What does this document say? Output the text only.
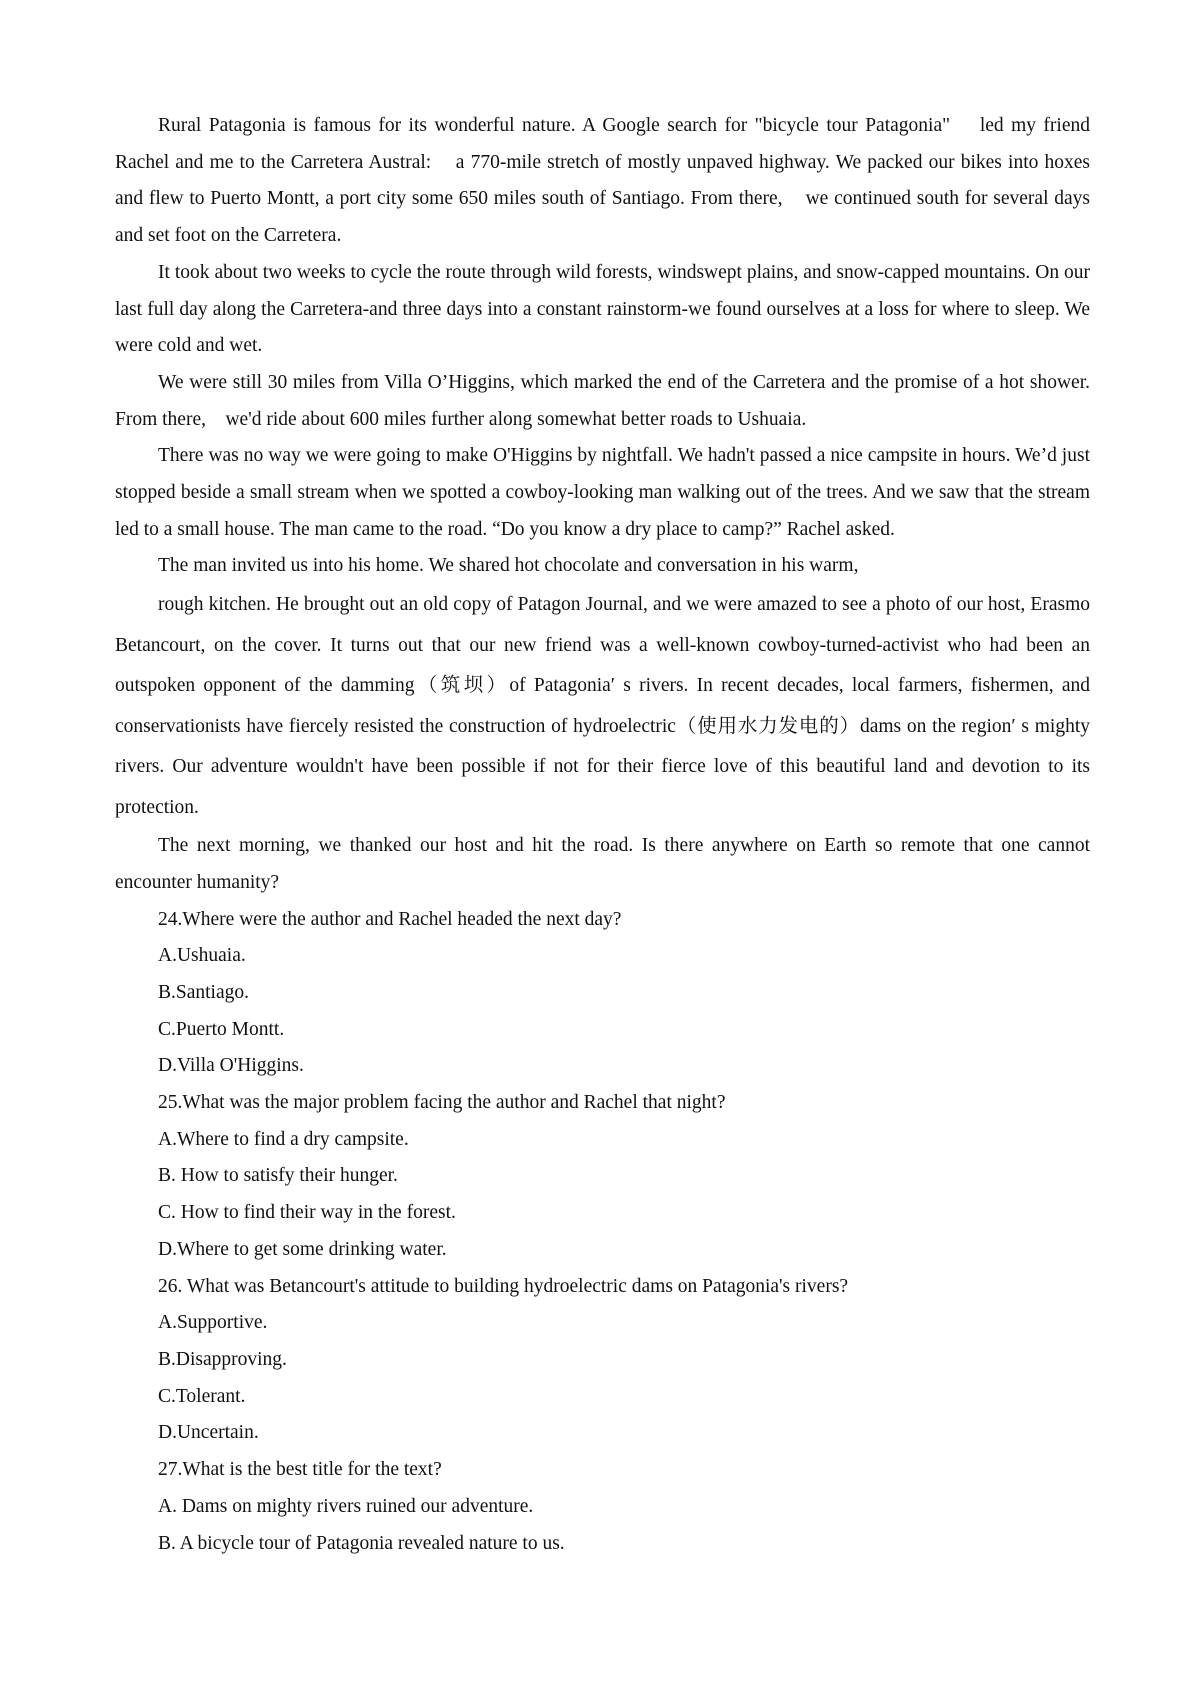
Rural Patagonia is famous for its wonderful nature. A Google search for "bicycle tour Patagonia"    led my friend Rachel and me to the Carretera Austral:    a 770-mile stretch of mostly unpaved highway. We packed our bikes into hoxes and flew to Puerto Montt, a port city some 650 miles south of Santiago. From there,    we continued south for several days and set foot on the Carretera.

It took about two weeks to cycle the route through wild forests, windswept plains, and snow-capped mountains. On our last full day along the Carretera-and three days into a constant rainstorm-we found ourselves at a loss for where to sleep. We were cold and wet.

We were still 30 miles from Villa O’Higgins, which marked the end of the Carretera and the promise of a hot shower. From there,    we'd ride about 600 miles further along somewhat better roads to Ushuaia.

There was no way we were going to make O'Higgins by nightfall. We hadn't passed a nice campsite in hours. We’d just stopped beside a small stream when we spotted a cowboy-looking man walking out of the trees. And we saw that the stream led to a small house. The man came to the road. “Do you know a dry place to camp?” Rachel asked.

The man invited us into his home. We shared hot chocolate and conversation in his warm,

rough kitchen. He brought out an old copy of Patagon Journal, and we were amazed to see a photo of our host, Erasmo Betancourt, on the cover. It turns out that our new friend was a well-known cowboy-turned-activist who had been an outspoken opponent of the damming（筑坝）of Patagonia′ s rivers. In recent decades, local farmers, fishermen, and conservationists have fiercely resisted the construction of hydroelectric（使用水力发电的）dams on the region′ s mighty rivers. Our adventure wouldn't have been possible if not for their fierce love of this beautiful land and devotion to its protection.

The next morning, we thanked our host and hit the road. Is there anywhere on Earth so remote that one cannot encounter humanity?

24.Where were the author and Rachel headed the next day?
A.Ushuaia.
B.Santiago.
C.Puerto Montt.
D.Villa O'Higgins.
25.What was the major problem facing the author and Rachel that night?
A.Where to find a dry campsite.
B. How to satisfy their hunger.
C. How to find their way in the forest.
D.Where to get some drinking water.
26. What was Betancourt's attitude to building hydroelectric dams on Patagonia's rivers?
A.Supportive.
B.Disapproving.
C.Tolerant.
D.Uncertain.
27.What is the best title for the text?
A. Dams on mighty rivers ruined our adventure.
B. A bicycle tour of Patagonia revealed nature to us.
